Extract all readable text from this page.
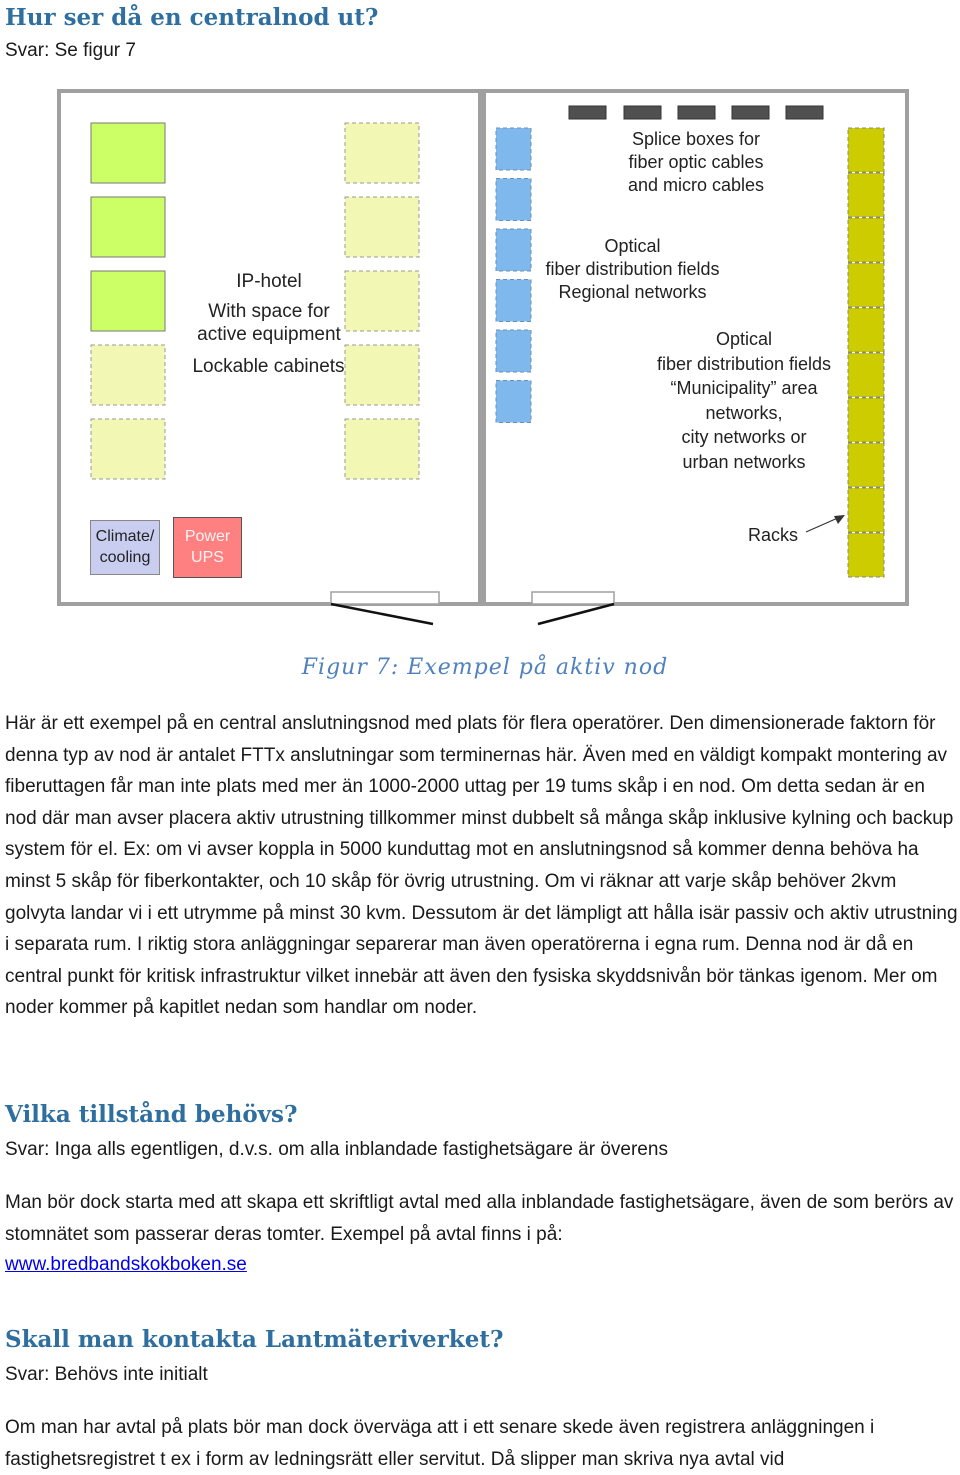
Hur ser då en centralnod ut?
Svar: Se figur 7
IP-hotel
With space for
active equipment
Lockable cabinets
Splice boxes for
fiber optic cables
and micro cables
Optical
fiber distribution fields
Regional networks
Optical
fiber distribution fields
“Municipality” area
networks,
city networks or
urban networks
Climate/
cooling
Power
UPS
Racks
Figur 7: Exempel på aktiv nod
Här är ett exempel på en central anslutningsnod med plats för flera operatörer. Den dimensionerade faktorn för denna typ av nod är antalet FTTx anslutningar som terminernas här. Även med en väldigt kompakt montering av fiberuttagen får man inte plats med mer än 1000-2000 uttag per 19 tums skåp i en nod. Om detta sedan är en nod där man avser placera aktiv utrustning tillkommer minst dubbelt så många skåp inklusive kylning och backup system för el. Ex: om vi avser koppla in 5000 kunduttag mot en anslutningsnod så kommer denna behöva ha minst 5 skåp för fiberkontakter, och 10 skåp för övrig utrustning. Om vi räknar att varje skåp behöver 2kvm golvyta landar vi i ett utrymme på minst 30 kvm. Dessutom är det lämpligt att hålla isär passiv och aktiv utrustning i separata rum. I riktig stora anläggningar separerar man även operatörerna i egna rum. Denna nod är då en central punkt för kritisk infrastruktur vilket innebär att även den fysiska skyddsnivån bör tänkas igenom. Mer om noder kommer på kapitlet nedan som handlar om noder.
Vilka tillstånd behövs?
Svar: Inga alls egentligen, d.v.s. om alla inblandade fastighetsägare är överens
Man bör dock starta med att skapa ett skriftligt avtal med alla inblandade fastighetsägare, även de som berörs av stomnätet som passerar deras tomter. Exempel på avtal finns i på:
www.bredbandskokboken.se
Skall man kontakta Lantmäteriverket?
Svar: Behövs inte initialt
Om man har avtal på plats bör man dock överväga att i ett senare skede även registrera anläggningen i fastighetsregistret t ex i form av ledningsrätt eller servitut. Då slipper man skriva nya avtal vid
